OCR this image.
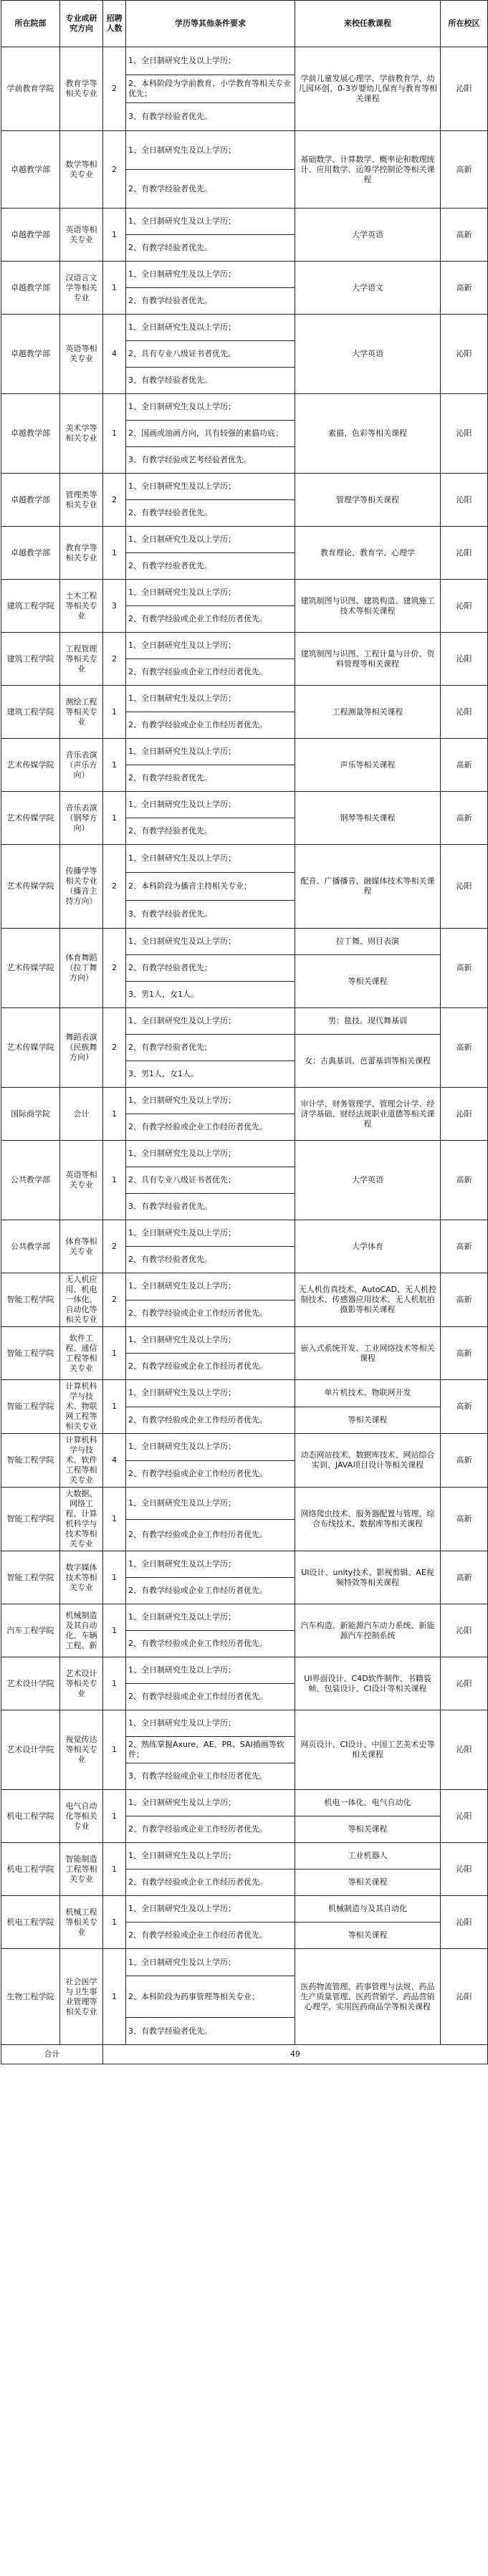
所在院部	专业或研究方向	招聘人数	学历等其他条件要求	来校任教课程	所在校区
学前教育学院	教育学等相关专业	2	1、全日制研究生及以上学历；	学前儿童发展心理学、学前教育学、幼儿园环创、0-3岁婴幼儿保育与教育等相关课程	沁阳
			2、本科阶段为学前教育、小学教育等相关专业优先；		
			3、有教学经验者优先。		
卓越教学部	数学等相关专业	2	1、全日制研究生及以上学历；	基础数学、计算数学、概率论和数理统计、应用数学、运筹学控制论等相关课程	高新
			2、有教学经验者优先。		
卓越教学部	英语等相关专业	1	1、全日制研究生及以上学历；	大学英语	高新
			2、有教学经验者优先。		
卓越教学部	汉语言文学等相关专业	1	1、全日制研究生及以上学历；	大学语文	高新
			2、有教学经验者优先。		
卓越教学部	英语等相关专业	4	1、全日制研究生及以上学历；	大学英语	沁阳
			2、具有专业八级证书者优先。		
			3、有教学经验者优先。		
卓越教学部	美术学等相关专业	1	1、全日制研究生及以上学历；	素描、色彩等相关课程	沁阳
			2、国画或油画方向，具有较强的素描功底；		
			3、有教学经验或艺考经验者优先。		
卓越教学部	管理类等相关专业	2	1、全日制研究生及以上学历；	管理学等相关课程	沁阳
			2、有教学经验者优先。		
卓越教学部	教育学等相关专业	1	1、全日制研究生及以上学历；	教育理论、教育学、心理学	沁阳
			2、有教学经验者优先。		
建筑工程学院	土木工程等相关专业	3	1、全日制研究生及以上学历；	建筑制图与识图、建筑构造、建筑施工技术等相关课程	沁阳
			2、有教学经验或企业工作经历者优先。		
建筑工程学院	工程管理等相关专业	2	1、全日制研究生及以上学历；	建筑制图与识图、工程计量与计价、资料管理等相关课程	沁阳
			2、有教学经验或企业工作经历者优先。		
建筑工程学院	测绘工程等相关专业	1	1、全日制研究生及以上学历；	工程测量等相关课程	沁阳
			2、有教学经验或企业工作经历者优先。		
艺术传媒学院	音乐表演（声乐方向）	1	1、全日制研究生及以上学历；	声乐等相关课程	高新
			2、有教学经验者优先。		
艺术传媒学院	音乐表演（钢琴方向）	1	1、全日制研究生及以上学历；	钢琴等相关课程	高新
			2、有教学经验者优先。		
艺术传媒学院	传播学等相关专业（播音主持方向）	2	1、全日制研究生及以上学历；	配音、广播播音、融媒体技术等相关课程	沁阳
			2、本科阶段为播音主持相关专业；		
			3、有教学经验者优先。		
艺术传媒学院	体育舞蹈（拉丁舞方向）	2	1、全日制研究生及以上学历；	拉丁舞、则目表演	高新
			2、有教学经验者优先；	等相关课程	
			3、男1人，女1人。		
艺术传媒学院	舞蹈表演（民族舞方向）	2	1、全日制研究生及以上学历；	男：毯技、现代舞基训	高新
			2、有教学经验者优先；	女：古典基训、芭蕾基训等相关课程	
			3、男1人，女1人。		
国际商学院	会计	1	1、全日制研究生及以上学历；	审计学、财务管理学、管理会计学、经济学基础、财经法规职业道德等相关课程	沁阳
			2、有教学经验或企业工作经历者优先。		
公共教学部	英语等相关专业	1	1、全日制研究生及以上学历；	大学英语	高新
			2、具有专业八级证书者优先；		
			3、有教学经验者优先。		
公共教学部	体育等相关专业	2	1、全日制研究生及以上学历；	大学体育	高新
			2、有教学经验者优先。		
智能工程学院	无人机应用、机电一体化、自动化等相关专业	2	1、全日制研究生及以上学历；	无人机仿真技术、AutoCAD、无人机控制技术、传感器应用技术、无人机航拍摄影等相关课程	高新
			2、有教学经验或企业工作经历者优先。		
智能工程学院	软件工程、通信工程等相关专业	1	1、全日制研究生及以上学历；	嵌入式系统开发、工业网络技术等相关课程	高新
			2、有教学经验或企业工作经历者优先。		
智能工程学院	计算机科学与技术、物联网工程等相关专业	1	1、全日制研究生及以上学历；	单片机技术、物联网开发	高新
			2、有教学经验或企业工作经历者优先。	等相关课程	
智能工程学院	计算机科学与技术、软件工程等相关专业	4	1、全日制研究生及以上学历；	动态网站技术、数据库技术、网站综合实训、JAVA项目设计等相关课程	高新
			2、有教学经验或企业工作经历者优先。		
智能工程学院	大数据、网络工程、计算机科学与技术等相关专业	1	1、全日制研究生及以上学历；	网络爬虫技术、服务器配置与管理、综合布线技术、数据库等相关课程	高新
			2、有教学经验或企业工作经历者优先。		
智能工程学院	数字媒体技术等相关专业	1	1、全日制研究生及以上学历；	UI设计、unity技术、影视剪辑、AE视频特效等相关课程	高新
			2、有教学经验或企业工作经历者优先。		
汽车工程学院	机械制造及其自动化、车辆工程、新	1	1、全日制研究生及以上学历；	汽车构造、新能源汽车动力系统、新能源汽车控制系统	沁阳
			2、有教学经验或企业工作经历者优先。		
艺术设计学院	艺术设计等相关专业	1	1、全日制研究生及以上学历；	UI界面设计、C4D软件制作、书籍装帧、包装设计、CI设计等相关课程	沁阳
			2、有教学经验或企业工作经历者优先。		
艺术设计学院	视觉传达等相关专业	1	1、全日制研究生及以上学历；	网页设计、CI设计、中国工艺美术史等相关课程	沁阳
			2、熟练掌握Axure、AE、PR、SAI插画等软件；		
			3、有教学经验或企业工作经历者优先。		
机电工程学院	电气自动化等相关专业	1	1、全日制研究生及以上学历；	机电一体化、电气自动化	沁阳
			2、有教学经验或企业工作经历者优先。	等相关课程	
机电工程学院	智能制造工程等相关专业	1	1、全日制研究生及以上学历；	工业机器人	沁阳
			2、有教学经验或企业工作经历者优先。	等相关课程	
机电工程学院	机械工程等相关专业	1	1、全日制研究生及以上学历；	机械制造与及其自动化	沁阳
			2、有教学经验或企业工作经历者优先。	等相关课程	
生物工程学院	社会医学与卫生事业管理等相关专业	1	1、全日制研究生及以上学历；	医药物流管理、药事管理与法规、药品生产质量管理、医药营销学、药品营销心理学、实用医药商品学等相关课程	沁阳
			2、本科阶段为药事管理等相关专业；		
			3、有教学经验者优先。		
合计		49			
